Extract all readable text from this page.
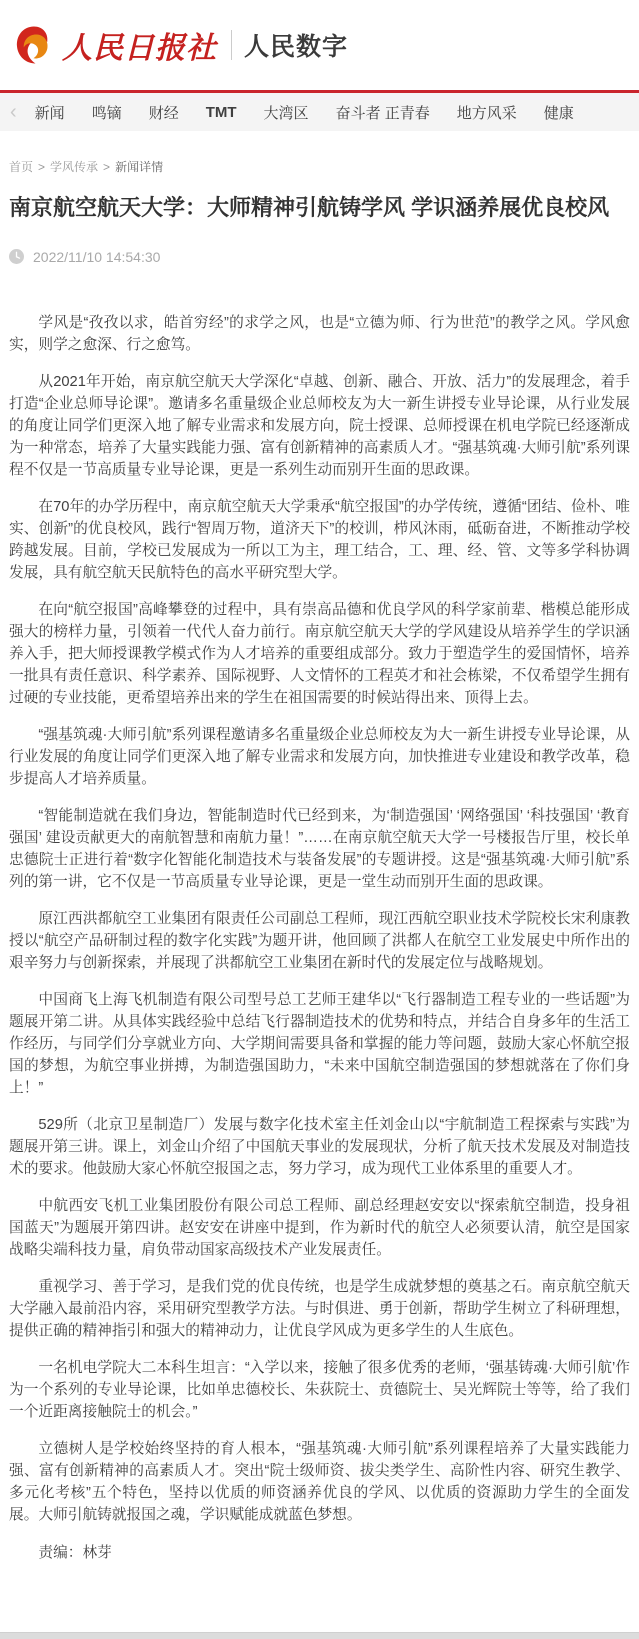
人民日报社 人民数字
‹	新闻 鸣镝 财经 TMT 大湾区 奋斗者 正青春 地方风采 健康
首页 > 学风传承 > 新闻详情
南京航空航天大学：大师精神引航铸学风 学识涵养展优良校风
2022/11/10 14:54:30

学风是“孜孜以求，皓首穷经”的求学之风，也是“立德为师、行为世范”的教学之风。学风愈实，则学之愈深、行之愈笃。

从2021年开始，南京航空航天大学深化“卓越、创新、融合、开放、活力”的发展理念，着手打造“企业总师导论课”。邀请多名重量级企业总师校友为大一新生讲授专业导论课，从行业发展的角度让同学们更深入地了解专业需求和发展方向，院士授课、总师授课在机电学院已经逐渐成为一种常态，培养了大量实践能力强、富有创新精神的高素质人才。“强基筑魂·大师引航”系列课程不仅是一节高质量专业导论课，更是一系列生动而别开生面的思政课。

在70年的办学历程中，南京航空航天大学秉承“航空报国”的办学传统，遵循“团结、俭朴、唯实、创新”的优良校风，践行“智周万物，道济天下”的校训，栉风沐雨，砥砺奋进，不断推动学校跨越发展。目前，学校已发展成为一所以工为主，理工结合，工、理、经、管、文等多学科协调发展，具有航空航天民航特色的高水平研究型大学。

在向“航空报国”高峰攀登的过程中，具有崇高品德和优良学风的科学家前辈、楷模总能形成强大的榜样力量，引领着一代代人奋力前行。南京航空航天大学的学风建设从培养学生的学识涵养入手，把大师授课教学模式作为人才培养的重要组成部分。致力于塑造学生的爱国情怀，培养一批具有责任意识、科学素养、国际视野、人文情怀的工程英才和社会栋梁，不仅希望学生拥有过硬的专业技能，更希望培养出来的学生在祖国需要的时候站得出来、顶得上去。

“强基筑魂·大师引航”系列课程邀请多名重量级企业总师校友为大一新生讲授专业导论课，从行业发展的角度让同学们更深入地了解专业需求和发展方向，加快推进专业建设和教学改革，稳步提高人才培养质量。

“智能制造就在我们身边，智能制造时代已经到来，为‘制造强国’ ‘网络强国’ ‘科技强国’ ‘教育强国’ 建设贡献更大的南航智慧和南航力量！”……在南京航空航天大学一号楼报告厅里，校长单忠德院士正进行着“数字化智能化制造技术与装备发展”的专题讲授。这是“强基筑魂·大师引航”系列的第一讲，它不仅是一节高质量专业导论课，更是一堂生动而别开生面的思政课。

原江西洪都航空工业集团有限责任公司副总工程师，现江西航空职业技术学院校长宋利康教授以“航空产品研制过程的数字化实践”为题开讲，他回顾了洪都人在航空工业发展史中所作出的艰辛努力与创新探索，并展现了洪都航空工业集团在新时代的发展定位与战略规划。

中国商飞上海飞机制造有限公司型号总工艺师王建华以“飞行器制造工程专业的一些话题”为题展开第二讲。从具体实践经验中总结飞行器制造技术的优势和特点，并结合自身多年的生活工作经历，与同学们分享就业方向、大学期间需要具备和掌握的能力等问题，鼓励大家心怀航空报国的梦想，为航空事业拼搏，为制造强国助力，“未来中国航空制造强国的梦想就落在了你们身上！”

529所（北京卫星制造厂）发展与数字化技术室主任刘金山以“宇航制造工程探索与实践”为题展开第三讲。课上，刘金山介绍了中国航天事业的发展现状，分析了航天技术发展及对制造技术的要求。他鼓励大家心怀航空报国之志，努力学习，成为现代工业体系里的重要人才。

中航西安飞机工业集团股份有限公司总工程师、副总经理赵安安以“探索航空制造，投身祖国蓝天”为题展开第四讲。赵安安在讲座中提到，作为新时代的航空人必须要认清，航空是国家战略尖端科技力量，肩负带动国家高级技术产业发展责任。

重视学习、善于学习，是我们党的优良传统，也是学生成就梦想的奠基之石。南京航空航天大学融入最前沿内容，采用研究型教学方法。与时俱进、勇于创新，帮助学生树立了科研理想，提供正确的精神指引和强大的精神动力，让优良学风成为更多学生的人生底色。

一名机电学院大二本科生坦言：“入学以来，接触了很多优秀的老师，‘强基铸魂·大师引航’作为一个系列的专业导论课，比如单忠德校长、朱荻院士、贲德院士、吴光辉院士等等，给了我们一个近距离接触院士的机会。”

立德树人是学校始终坚持的育人根本，“强基筑魂·大师引航”系列课程培养了大量实践能力强、富有创新精神的高素质人才。突出“院士级师资、拔尖类学生、高阶性内容、研究生教学、多元化考核”五个特色，坚持以优质的师资涵养优良的学风、以优质的资源助力学生的全面发展。大师引航铸就报国之魂，学识赋能成就蓝色梦想。

责编：林芽
